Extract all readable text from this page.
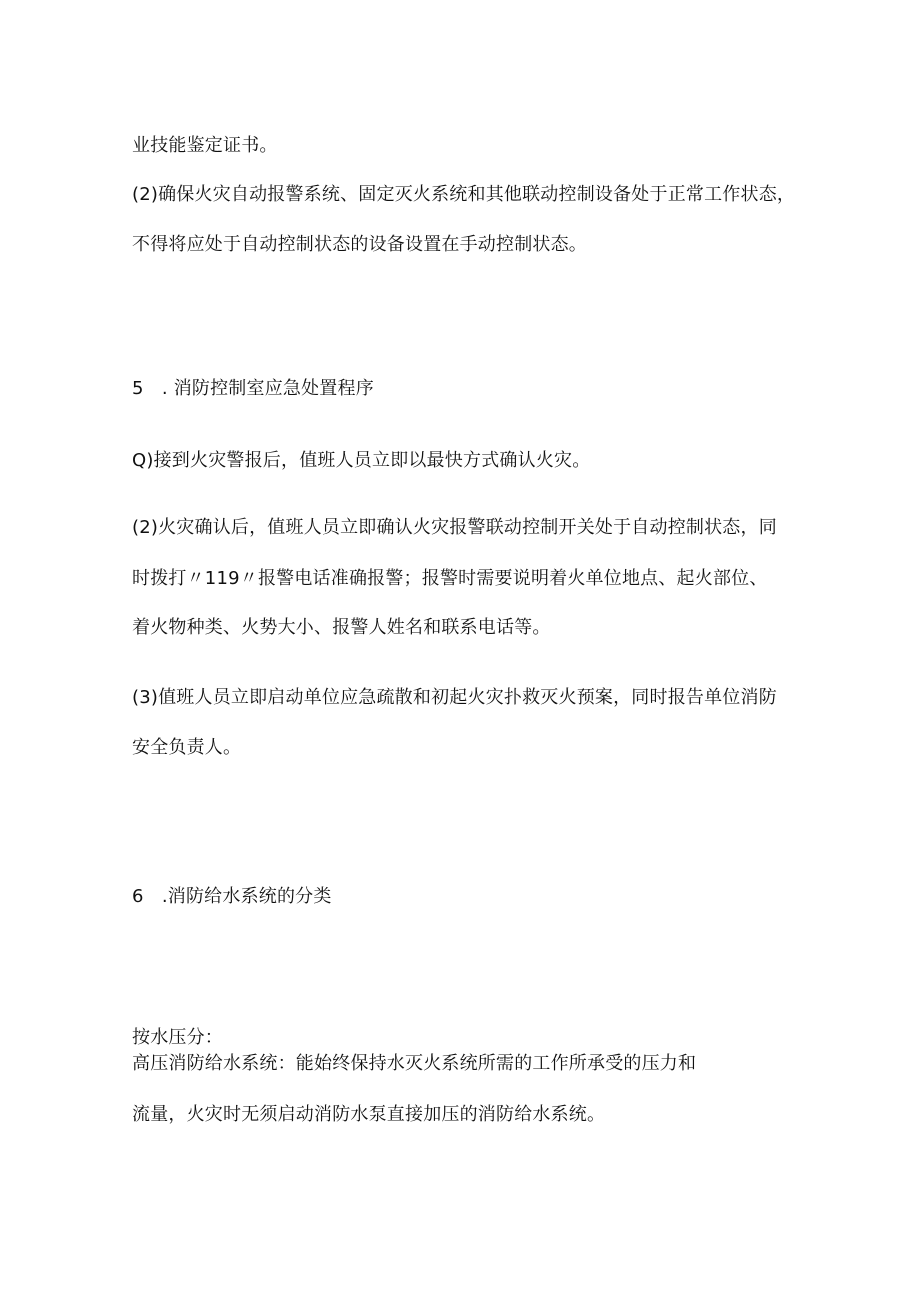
业技能鉴定证书。
(2)确保火灾自动报警系统、固定灭火系统和其他联动控制设备处于正常工作状态，
不得将应处于自动控制状态的设备设置在手动控制状态。
5　. 消防控制室应急处置程序
Q)接到火灾警报后，值班人员立即以最快方式确认火灾。
(2)火灾确认后，值班人员立即确认火灾报警联动控制开关处于自动控制状态，同
时拨打〃119〃报警电话准确报警；报警时需要说明着火单位地点、起火部位、
着火物种类、火势大小、报警人姓名和联系电话等。
(3)值班人员立即启动单位应急疏散和初起火灾扑救灭火预案，同时报告单位消防
安全负责人。
6　.消防给水系统的分类
按水压分：
高压消防给水系统：能始终保持水灭火系统所需的工作所承受的压力和
流量，火灾时无须启动消防水泵直接加压的消防给水系统。
